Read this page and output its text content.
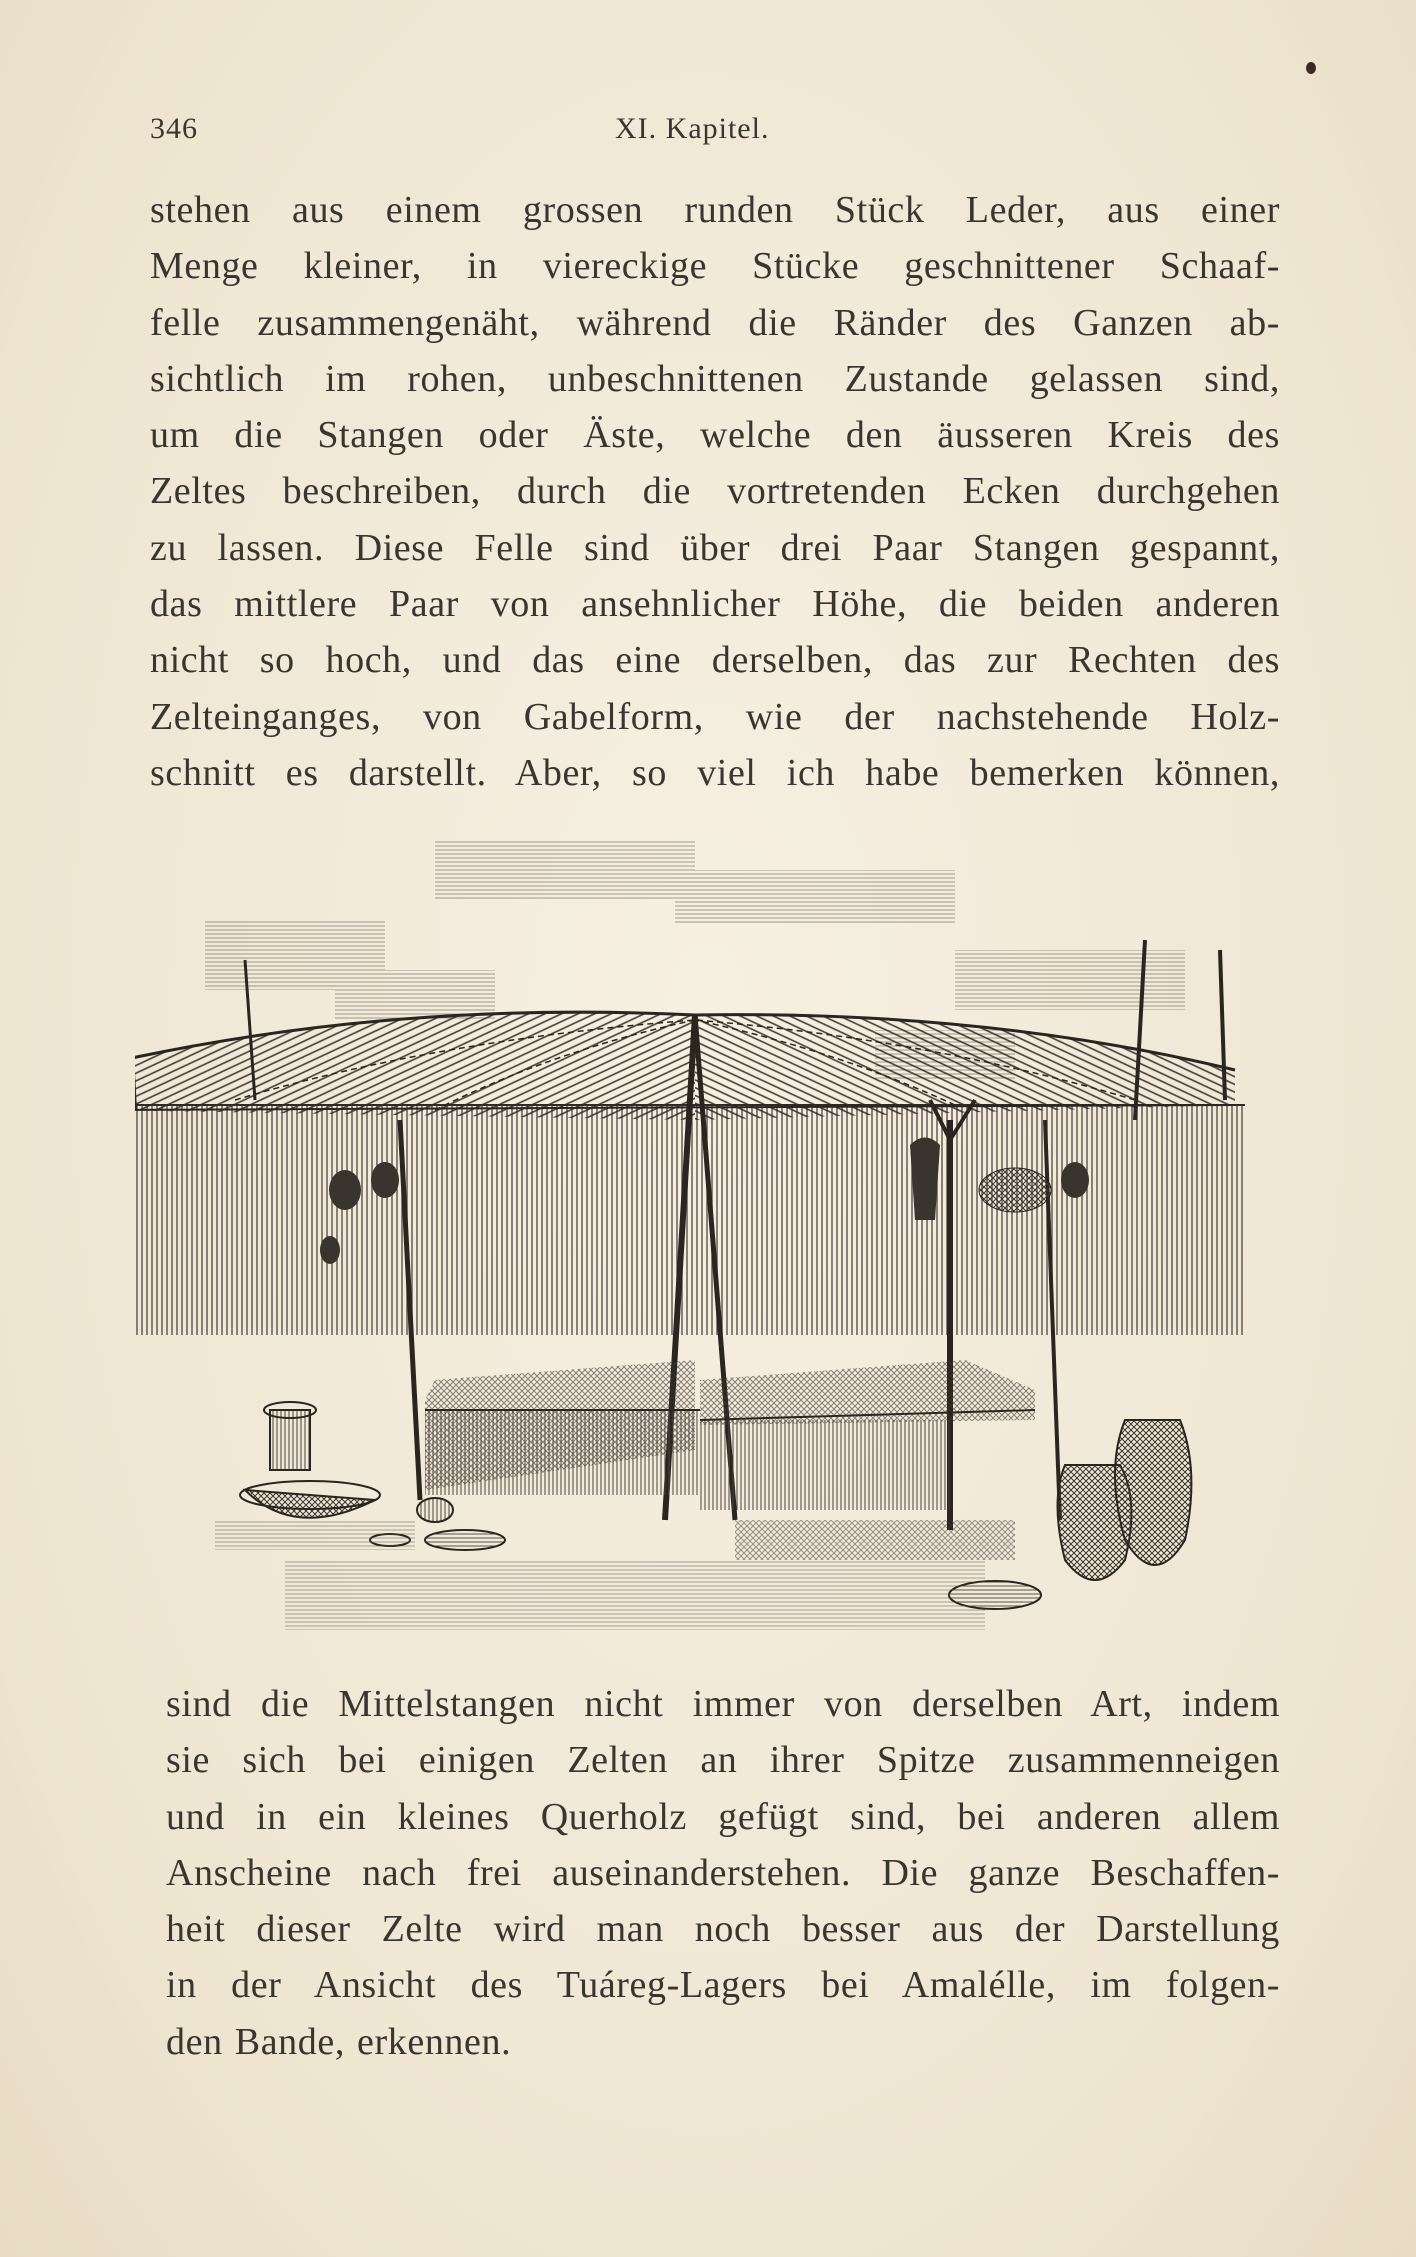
346	XI. Kapitel.
stehen aus einem grossen runden Stück Leder, aus einer
Menge kleiner, in viereckige Stücke geschnittener Schaaf-
felle zusammengenäht, während die Ränder des Ganzen ab-
sichtlich im rohen, unbeschnittenen Zustande gelassen sind,
um die Stangen oder Äste, welche den äusseren Kreis des
Zeltes beschreiben, durch die vortretenden Ecken durchgehen
zu lassen. Diese Felle sind über drei Paar Stangen gespannt,
das mittlere Paar von ansehnlicher Höhe, die beiden anderen
nicht so hoch, und das eine derselben, das zur Rechten des
Zelteinganges, von Gabelform, wie der nachstehende Holz-
schnitt es darstellt. Aber, so viel ich habe bemerken können,
sind die Mittelstangen nicht immer von derselben Art, indem
sie sich bei einigen Zelten an ihrer Spitze zusammenneigen
und in ein kleines Querholz gefügt sind, bei anderen allem
Anscheine nach frei auseinanderstehen. Die ganze Beschaffen-
heit dieser Zelte wird man noch besser aus der Darstellung
in der Ansicht des Tuáreg-Lagers bei Amalélle, im folgen-
den Bande, erkennen.
